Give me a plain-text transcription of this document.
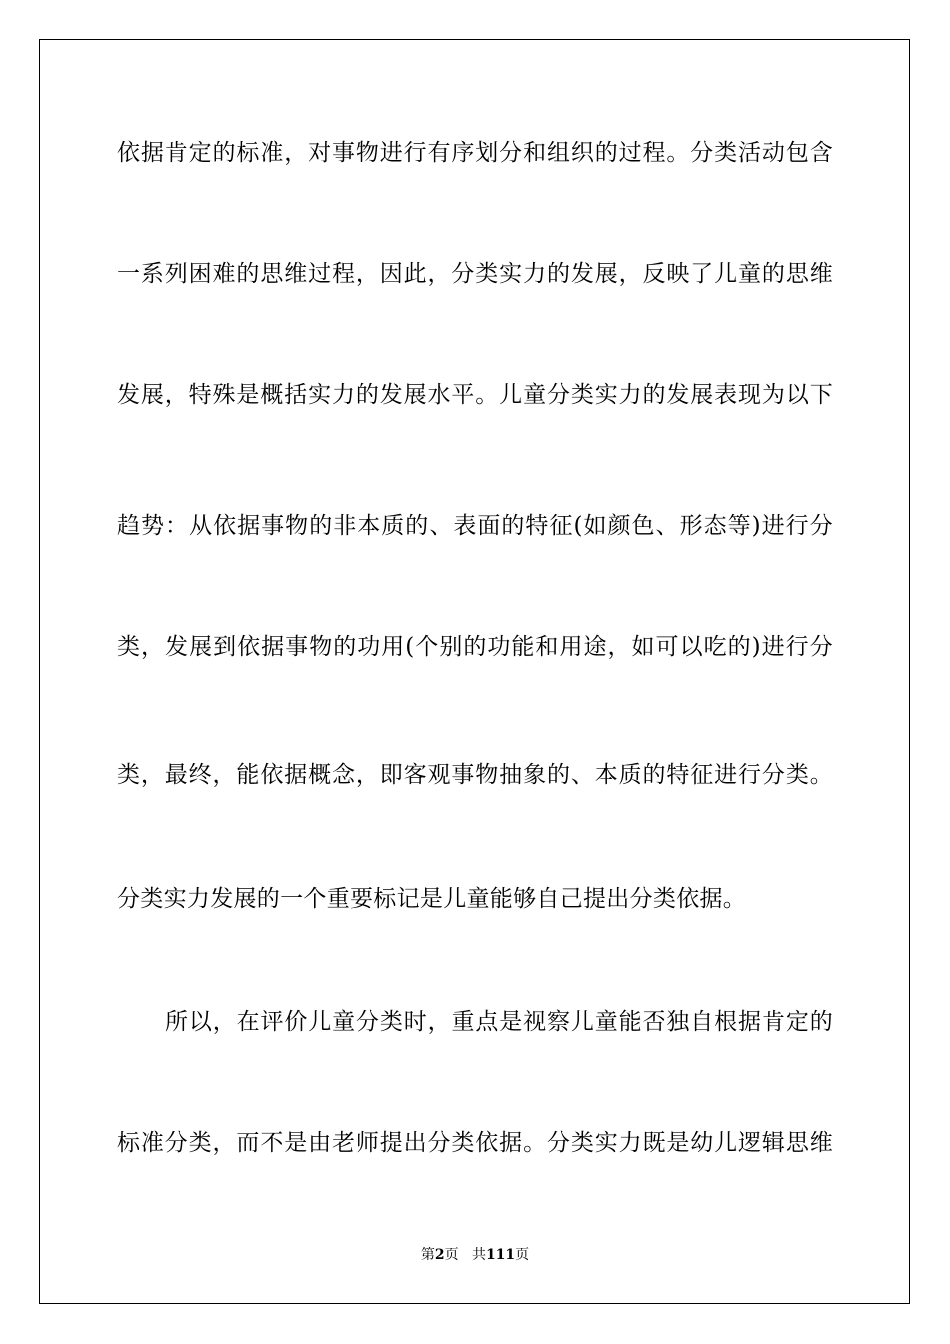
依据肯定的标准，对事物进行有序划分和组织的过程。分类活动包含

一系列困难的思维过程，因此，分类实力的发展，反映了儿童的思维

发展，特殊是概括实力的发展水平。儿童分类实力的发展表现为以下

趋势：从依据事物的非本质的、表面的特征(如颜色、形态等)进行分

类，发展到依据事物的功用(个别的功能和用途，如可以吃的)进行分

类，最终，能依据概念，即客观事物抽象的、本质的特征进行分类。

分类实力发展的一个重要标记是儿童能够自己提出分类依据。

所以，在评价儿童分类时，重点是视察儿童能否独自根据肯定的

标准分类，而不是由老师提出分类依据。分类实力既是幼儿逻辑思维

第2页 共111页
